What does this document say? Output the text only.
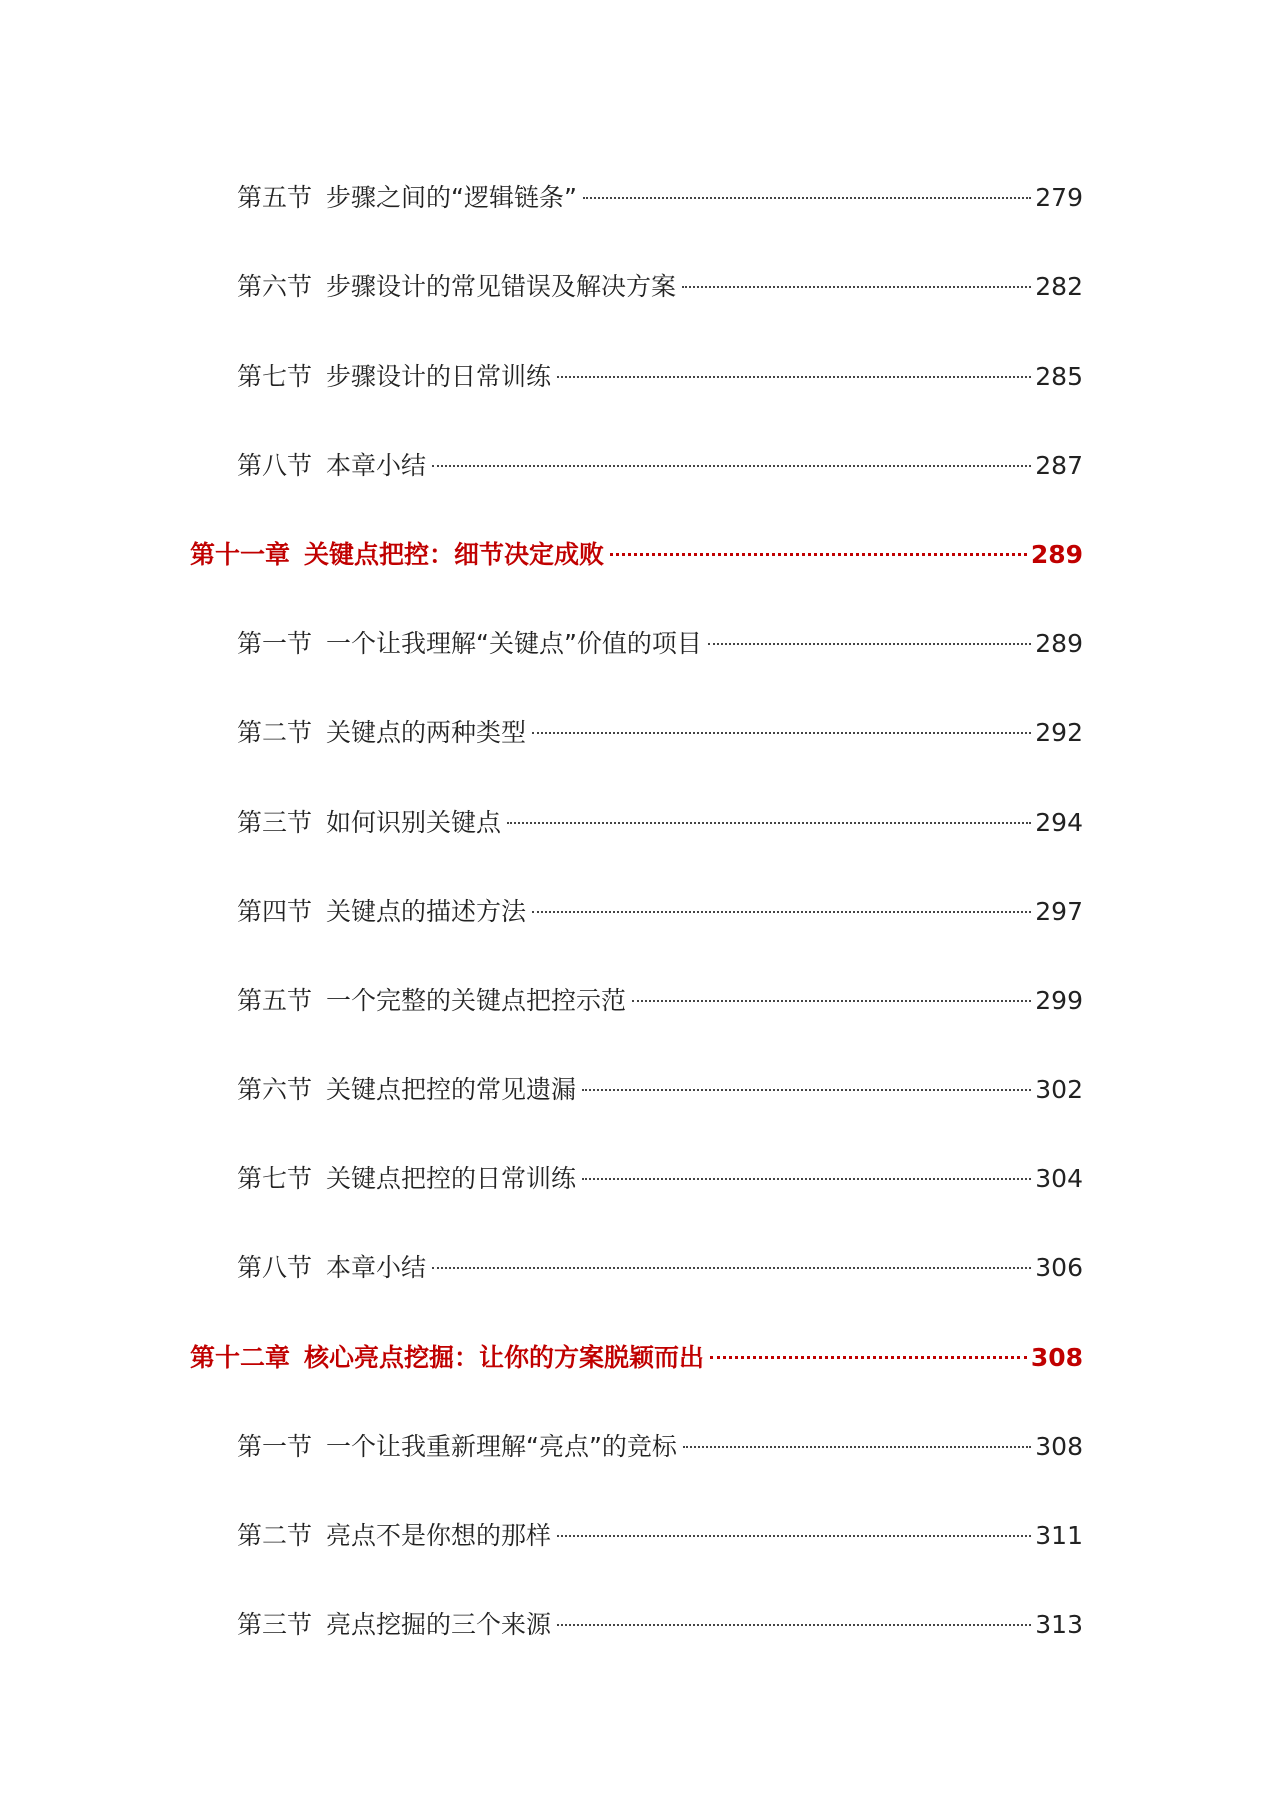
第五节 步骤之间的“逻辑链条”	279
第六节 步骤设计的常见错误及解决方案	282
第七节 步骤设计的日常训练	285
第八节 本章小结	287
第十一章 关键点把控：细节决定成败	289
第一节 一个让我理解“关键点”价值的项目	289
第二节 关键点的两种类型	292
第三节 如何识别关键点	294
第四节 关键点的描述方法	297
第五节 一个完整的关键点把控示范	299
第六节 关键点把控的常见遗漏	302
第七节 关键点把控的日常训练	304
第八节 本章小结	306
第十二章 核心亮点挖掘：让你的方案脱颖而出	308
第一节 一个让我重新理解“亮点”的竞标	308
第二节 亮点不是你想的那样	311
第三节 亮点挖掘的三个来源	313
